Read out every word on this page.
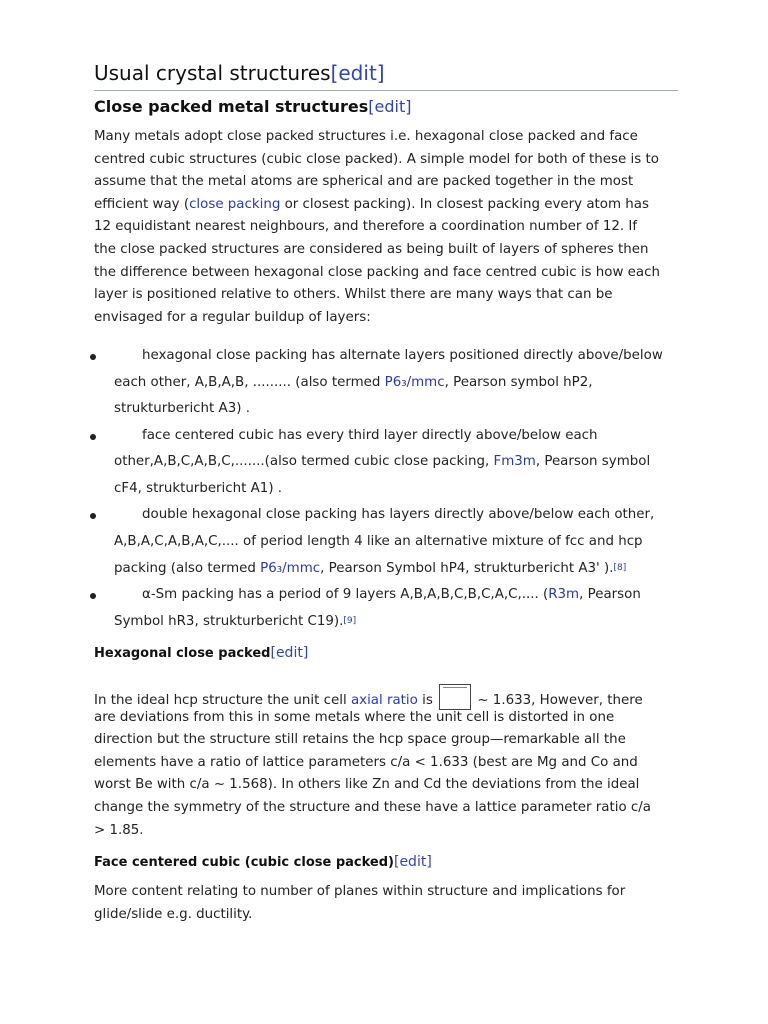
Usual crystal structures[edit]
Close packed metal structures[edit]
Many metals adopt close packed structures i.e. hexagonal close packed and face
centred cubic structures (cubic close packed). A simple model for both of these is to
assume that the metal atoms are spherical and are packed together in the most
efficient way (close packing or closest packing). In closest packing every atom has
12 equidistant nearest neighbours, and therefore a coordination number of 12. If
the close packed structures are considered as being built of layers of spheres then
the difference between hexagonal close packing and face centred cubic is how each
layer is positioned relative to others. Whilst there are many ways that can be
envisaged for a regular buildup of layers:
hexagonal close packing has alternate layers positioned directly above/below
each other, A,B,A,B, ......... (also termed P6₃/mmc, Pearson symbol hP2,
strukturbericht A3) .
face centered cubic has every third layer directly above/below each
other,A,B,C,A,B,C,.......(also termed cubic close packing, Fm3m, Pearson symbol
cF4, strukturbericht A1) .
double hexagonal close packing has layers directly above/below each other,
A,B,A,C,A,B,A,C,.... of period length 4 like an alternative mixture of fcc and hcp
packing (also termed P6₃/mmc, Pearson Symbol hP4, strukturbericht A3' ).[8]
α-Sm packing has a period of 9 layers A,B,A,B,C,B,C,A,C,.... (R3m, Pearson
Symbol hR3, strukturbericht C19).[9]
Hexagonal close packed[edit]
In the ideal hcp structure the unit cell axial ratio is	~ 1.633, However, there
are deviations from this in some metals where the unit cell is distorted in one
direction but the structure still retains the hcp space group—remarkable all the
elements have a ratio of lattice parameters c/a < 1.633 (best are Mg and Co and
worst Be with c/a ~ 1.568). In others like Zn and Cd the deviations from the ideal
change the symmetry of the structure and these have a lattice parameter ratio c/a
> 1.85.
Face centered cubic (cubic close packed)[edit]
More content relating to number of planes within structure and implications for
glide/slide e.g. ductility.
